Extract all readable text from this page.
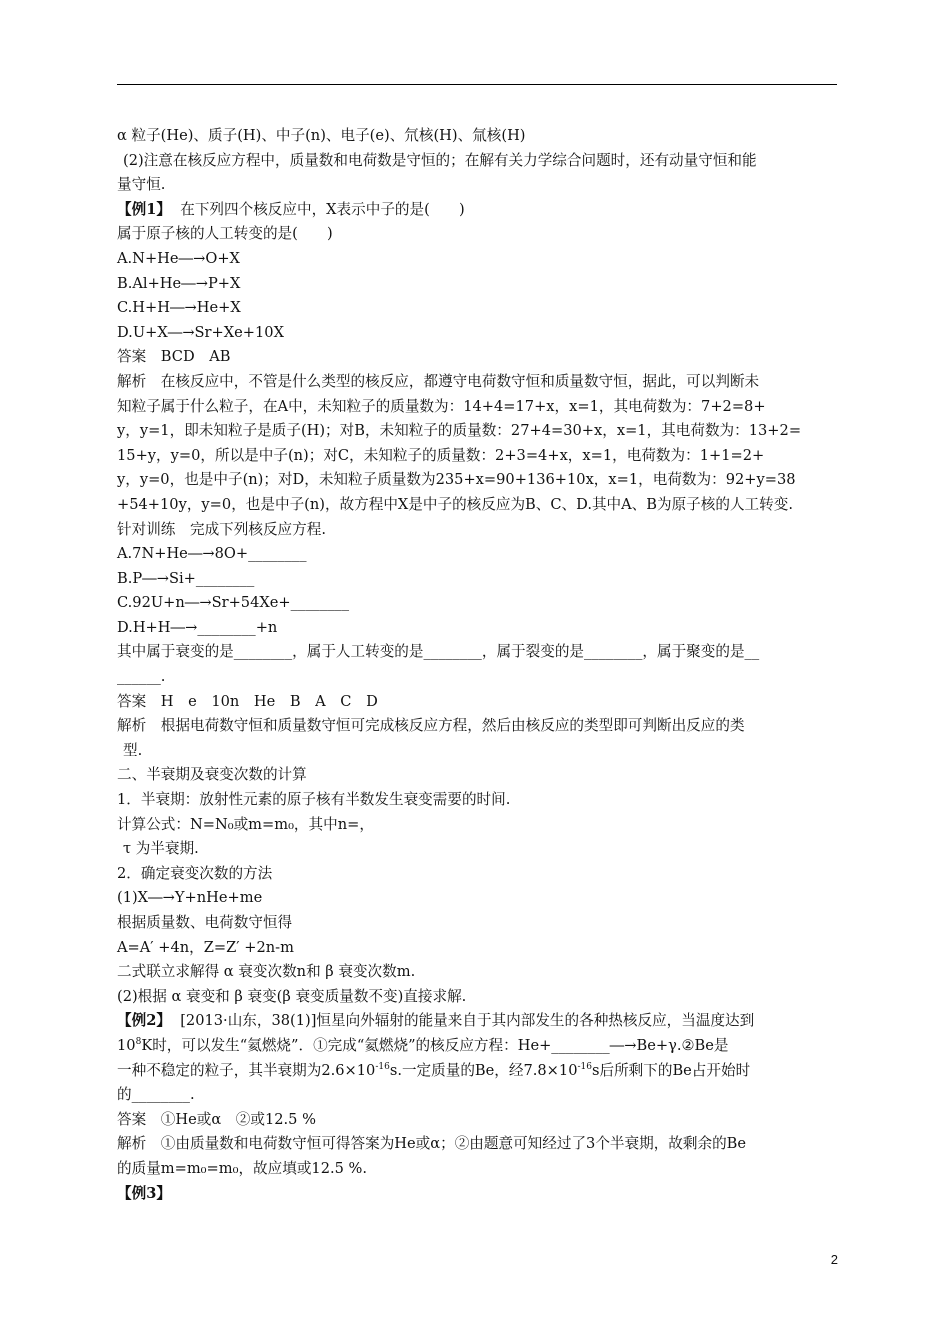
α 粒子(He)、质子(H)、中子(n)、电子(e)、氘核(H)、氚核(H)
(2)注意在核反应方程中，质量数和电荷数是守恒的；在解有关力学综合问题时，还有动量守恒和能
量守恒.
【例1】 在下列四个核反应中，X表示中子的是(　　)
属于原子核的人工转变的是(　　)
A.N+He―→O+X
B.Al+He―→P+X
C.H+H―→He+X
D.U+X―→Sr+Xe+10X
答案　BCD　AB
解析　在核反应中，不管是什么类型的核反应，都遵守电荷数守恒和质量数守恒，据此，可以判断未
知粒子属于什么粒子，在A中，未知粒子的质量数为：14+4=17+x，x=1，其电荷数为：7+2=8+
y，y=1，即未知粒子是质子(H)；对B，未知粒子的质量数：27+4=30+x，x=1，其电荷数为：13+2=
15+y，y=0，所以是中子(n)；对C，未知粒子的质量数：2+3=4+x，x=1，电荷数为：1+1=2+
y，y=0，也是中子(n)；对D，未知粒子质量数为235+x=90+136+10x，x=1，电荷数为：92+y=38
+54+10y，y=0，也是中子(n)，故方程中X是中子的核反应为B、C、D.其中A、B为原子核的人工转变.
针对训练　完成下列核反应方程.
A.7N+He―→8O+________
B.P―→Si+________
C.92U+n―→Sr+54Xe+________
D.H+H―→________+n
其中属于衰变的是________，属于人工转变的是________，属于裂变的是________，属于聚变的是__
______.
答案　H　e　10n　He　B　A　C　D
解析　根据电荷数守恒和质量数守恒可完成核反应方程，然后由核反应的类型即可判断出反应的类
型.
二、半衰期及衰变次数的计算
1．半衰期：放射性元素的原子核有半数发生衰变需要的时间.
计算公式：N=N₀或m=m₀，其中n=，
τ 为半衰期.
2．确定衰变次数的方法
(1)X―→Y+nHe+me
根据质量数、电荷数守恒得
A=A′ +4n，Z=Z′ +2n-m
二式联立求解得 α 衰变次数n和 β 衰变次数m.
(2)根据 α 衰变和 β 衰变(β 衰变质量数不变)直接求解.
【例2】 [2013·山东，38(1)]恒星向外辐射的能量来自于其内部发生的各种热核反应，当温度达到
$10^8K$时，可以发生“氦燃烧”．①完成“氦燃烧”的核反应方程：He+________―→Be+γ.②Be是
一种不稳定的粒子，其半衰期为$2.6\times 10^{-16}s$.一定质量的Be，经$7.8\times 10^{-16}s$后所剩下的Be占开始时
的________.
答案　①He或α　②或12.5 %
解析　①由质量数和电荷数守恒可得答案为He或α；②由题意可知经过了3个半衰期，故剩余的Be
的质量m=m₀=m₀，故应填或12.5 %.
【例3】
2
